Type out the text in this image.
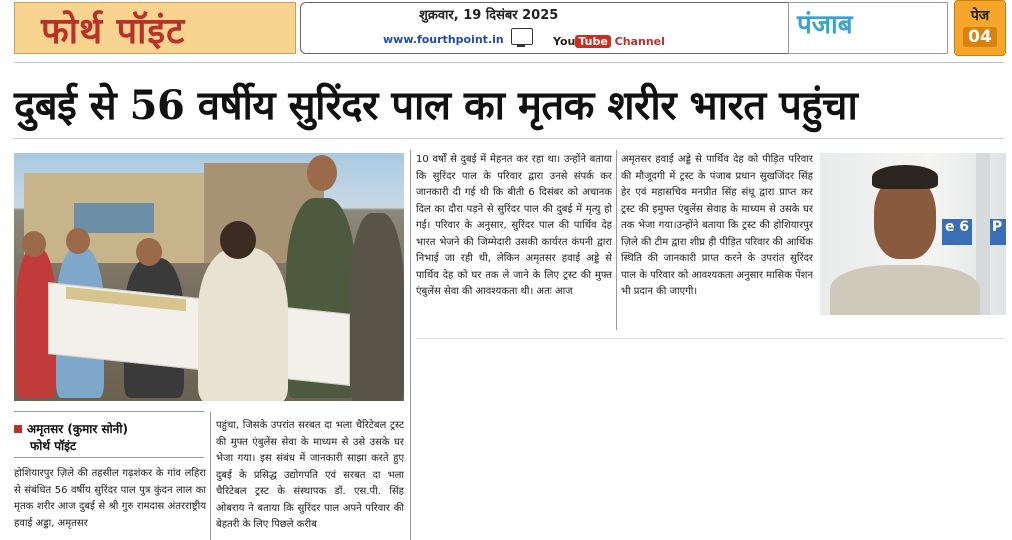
फोर्थ पॉइंट	शुक्रवार, 19 दिसंबर 2025
www.fourthpoint.in	You Tube Channel
पंजाब	पेज
04
दुबई से 56 वर्षीय सुरिंदर पाल का मृतक शरीर भारत पहुंचा
अमृतसर (कुमार सोनी)
फोर्थ पॉइंट
होशियारपुर ज़िले की तहसील गढ़शंकर के गांव लहिरा से संबंधित 56 वर्षीय सुरिंदर पाल पुत्र कुंदन लाल का मृतक शरीर आज दुबई से श्री गुरु रामदास अंतरराष्ट्रीय हवाई अड्डा, अमृतसर
पहुंचा, जिसके उपरांत सरबत दा भला चैरिटेबल ट्रस्ट की मुफ्त एंबुलेंस सेवा के माध्यम से उसे उसके घर भेजा गया। इस संबंध में जानकारी साझा करते हुए दुबई के प्रसिद्ध उद्योगपति एवं सरबत दा भला चैरिटेबल ट्रस्ट के संस्थापक डॉ. एस.पी. सिंह ओबराय ने बताया कि सुरिंदर पाल अपने परिवार की बेहतरी के लिए पिछले करीब
10 वर्षों से दुबई में मेहनत कर रहा था। उन्होंने बताया कि सुरिंदर पाल के परिवार द्वारा उनसे संपर्क कर जानकारी दी गई थी कि बीती 6 दिसंबर को अचानक दिल का दौरा पड़ने से सुरिंदर पाल की दुबई में मृत्यु हो गई। परिवार के अनुसार, सुरिंदर पाल की पार्थिव देह भारत भेजने की जिम्मेदारी उसकी कार्यरत कंपनी द्वारा निभाई जा रही थी, लेकिन अमृतसर हवाई अड्डे से पार्थिव देह को घर तक ले जाने के लिए ट्रस्ट की मुफ्त एंबुलेंस सेवा की आवश्यकता थी। अतः आज
अमृतसर हवाई अड्डे से पार्थिव देह को पीड़ित परिवार की मौजूदगी में ट्रस्ट के पंजाब प्रधान सुखजिंदर सिंह हेर एवं महासचिव मनप्रीत सिंह संधू द्वारा प्राप्त कर ट्रस्ट की इमुफ्त एंबुलेंस सेवाह के माध्यम से उसके घर तक भेजा गया।उन्होंने बताया कि ट्रस्ट की होशियारपुर ज़िले की टीम द्वारा शीघ्र ही पीड़ित परिवार की आर्थिक स्थिति की जानकारी प्राप्त करने के उपरांत सुरिंदर पाल के परिवार को आवश्यकता अनुसार मासिक पेंशन भी प्रदान की जाएगी।
e 6 P
